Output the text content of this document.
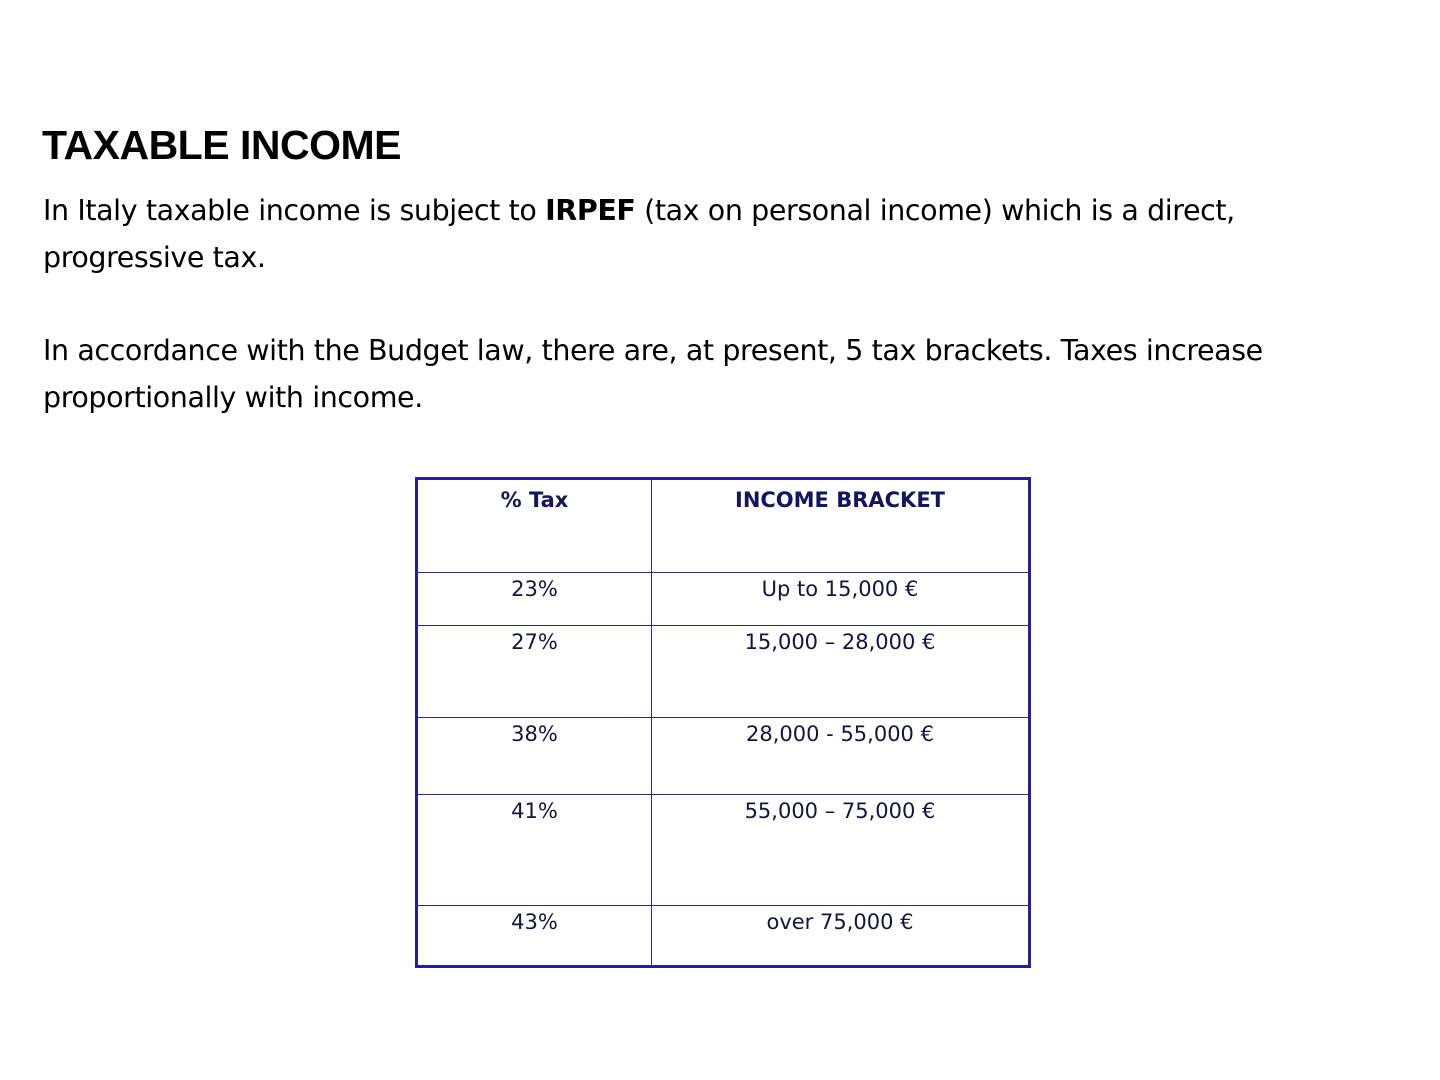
TAXABLE INCOME

In Italy taxable income is subject to IRPEF (tax on personal income) which is a direct, progressive tax.

In accordance with the Budget law, there are, at present, 5 tax brackets. Taxes increase proportionally with income.

% Tax	INCOME BRACKET
23%	Up to 15,000 €
27%	15,000 – 28,000 €
38%	28,000 - 55,000 €
41%	55,000 – 75,000 €
43%	over 75,000 €
